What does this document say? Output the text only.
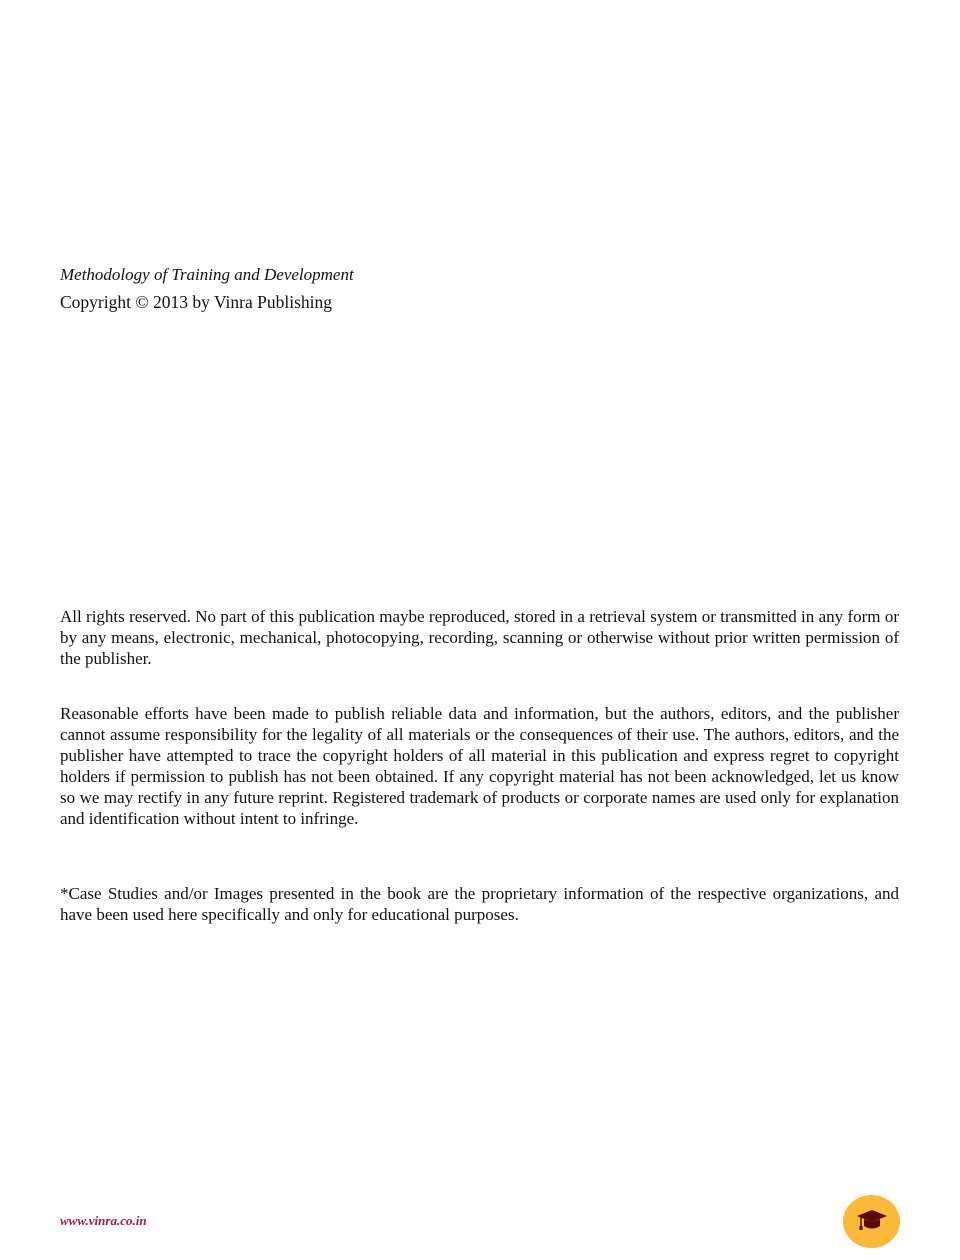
Methodology of Training and Development
Copyright © 2013 by Vinra Publishing

All rights reserved. No part of this publication maybe reproduced, stored in a retrieval system or transmitted in any form or by any means, electronic, mechanical, photocopying, recording, scanning or otherwise without prior written permission of the publisher.

Reasonable efforts have been made to publish reliable data and information, but the authors, editors, and the publisher cannot assume responsibility for the legality of all materials or the consequences of their use. The authors, editors, and the publisher have attempted to trace the copyright holders of all material in this publication and express regret to copyright holders if permission to publish has not been obtained. If any copyright material has not been acknowledged, let us know so we may rectify in any future reprint. Registered trademark of products or corporate names are used only for explanation and identification without intent to infringe.

*Case Studies and/or Images presented in the book are the proprietary information of the respective organizations, and have been used here specifically and only for educational purposes.

www.vinra.co.in
